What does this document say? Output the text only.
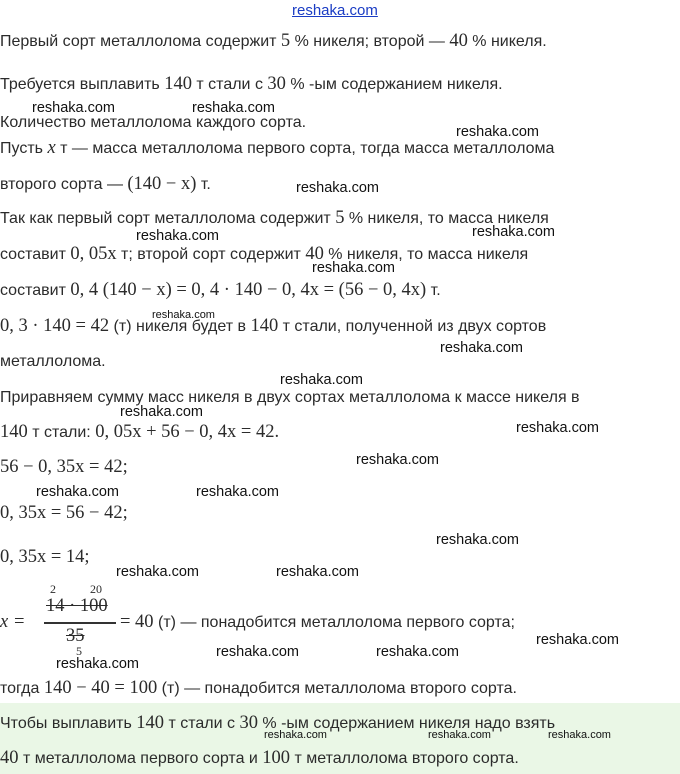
reshaka.com
Первый сорт металлолома содержит 5 % никеля; второй — 40 % никеля.
Требуется выплавить 140 т стали с 30 % -ым содержанием никеля.
Количество металлолома каждого сорта.
Пусть x т — масса металлолома первого сорта, тогда масса металлолома
второго сорта — (140 − x) т.
Так как первый сорт металлолома содержит 5 % никеля, то масса никеля
составит 0, 05x т; второй сорт содержит 40 % никеля, то масса никеля
составит 0, 4 (140 − x) = 0, 4 · 140 − 0, 4x = (56 − 0, 4x) т.
0, 3 · 140 = 42 (т) никеля будет в 140 т стали, полученной из двух сортов
металлолома.
Приравняем сумму масс никеля в двух сортах металлолома к массе никеля в
140 т стали: 0, 05x + 56 − 0, 4x = 42.
56 − 0, 35x = 42;
0, 35x = 56 − 42;
0, 35x = 14;
x =
2	20
14 · 100
35
5
= 40 (т) — понадобится металлолома первого сорта;
тогда 140 − 40 = 100 (т) — понадобится металлолома второго сорта.
Чтобы выплавить 140 т стали с 30 % -ым содержанием никеля надо взять
40 т металлолома первого сорта и 100 т металлолома второго сорта.
reshaka.com	reshaka.com
reshaka.com
reshaka.com
reshaka.com	reshaka.com
reshaka.com
reshaka.com
reshaka.com
reshaka.com
reshaka.com
reshaka.com
reshaka.com
reshaka.com	reshaka.com
reshaka.com
reshaka.com	reshaka.com
reshaka.com
reshaka.com	reshaka.com
reshaka.com
reshaka.com	reshaka.com	reshaka.com
